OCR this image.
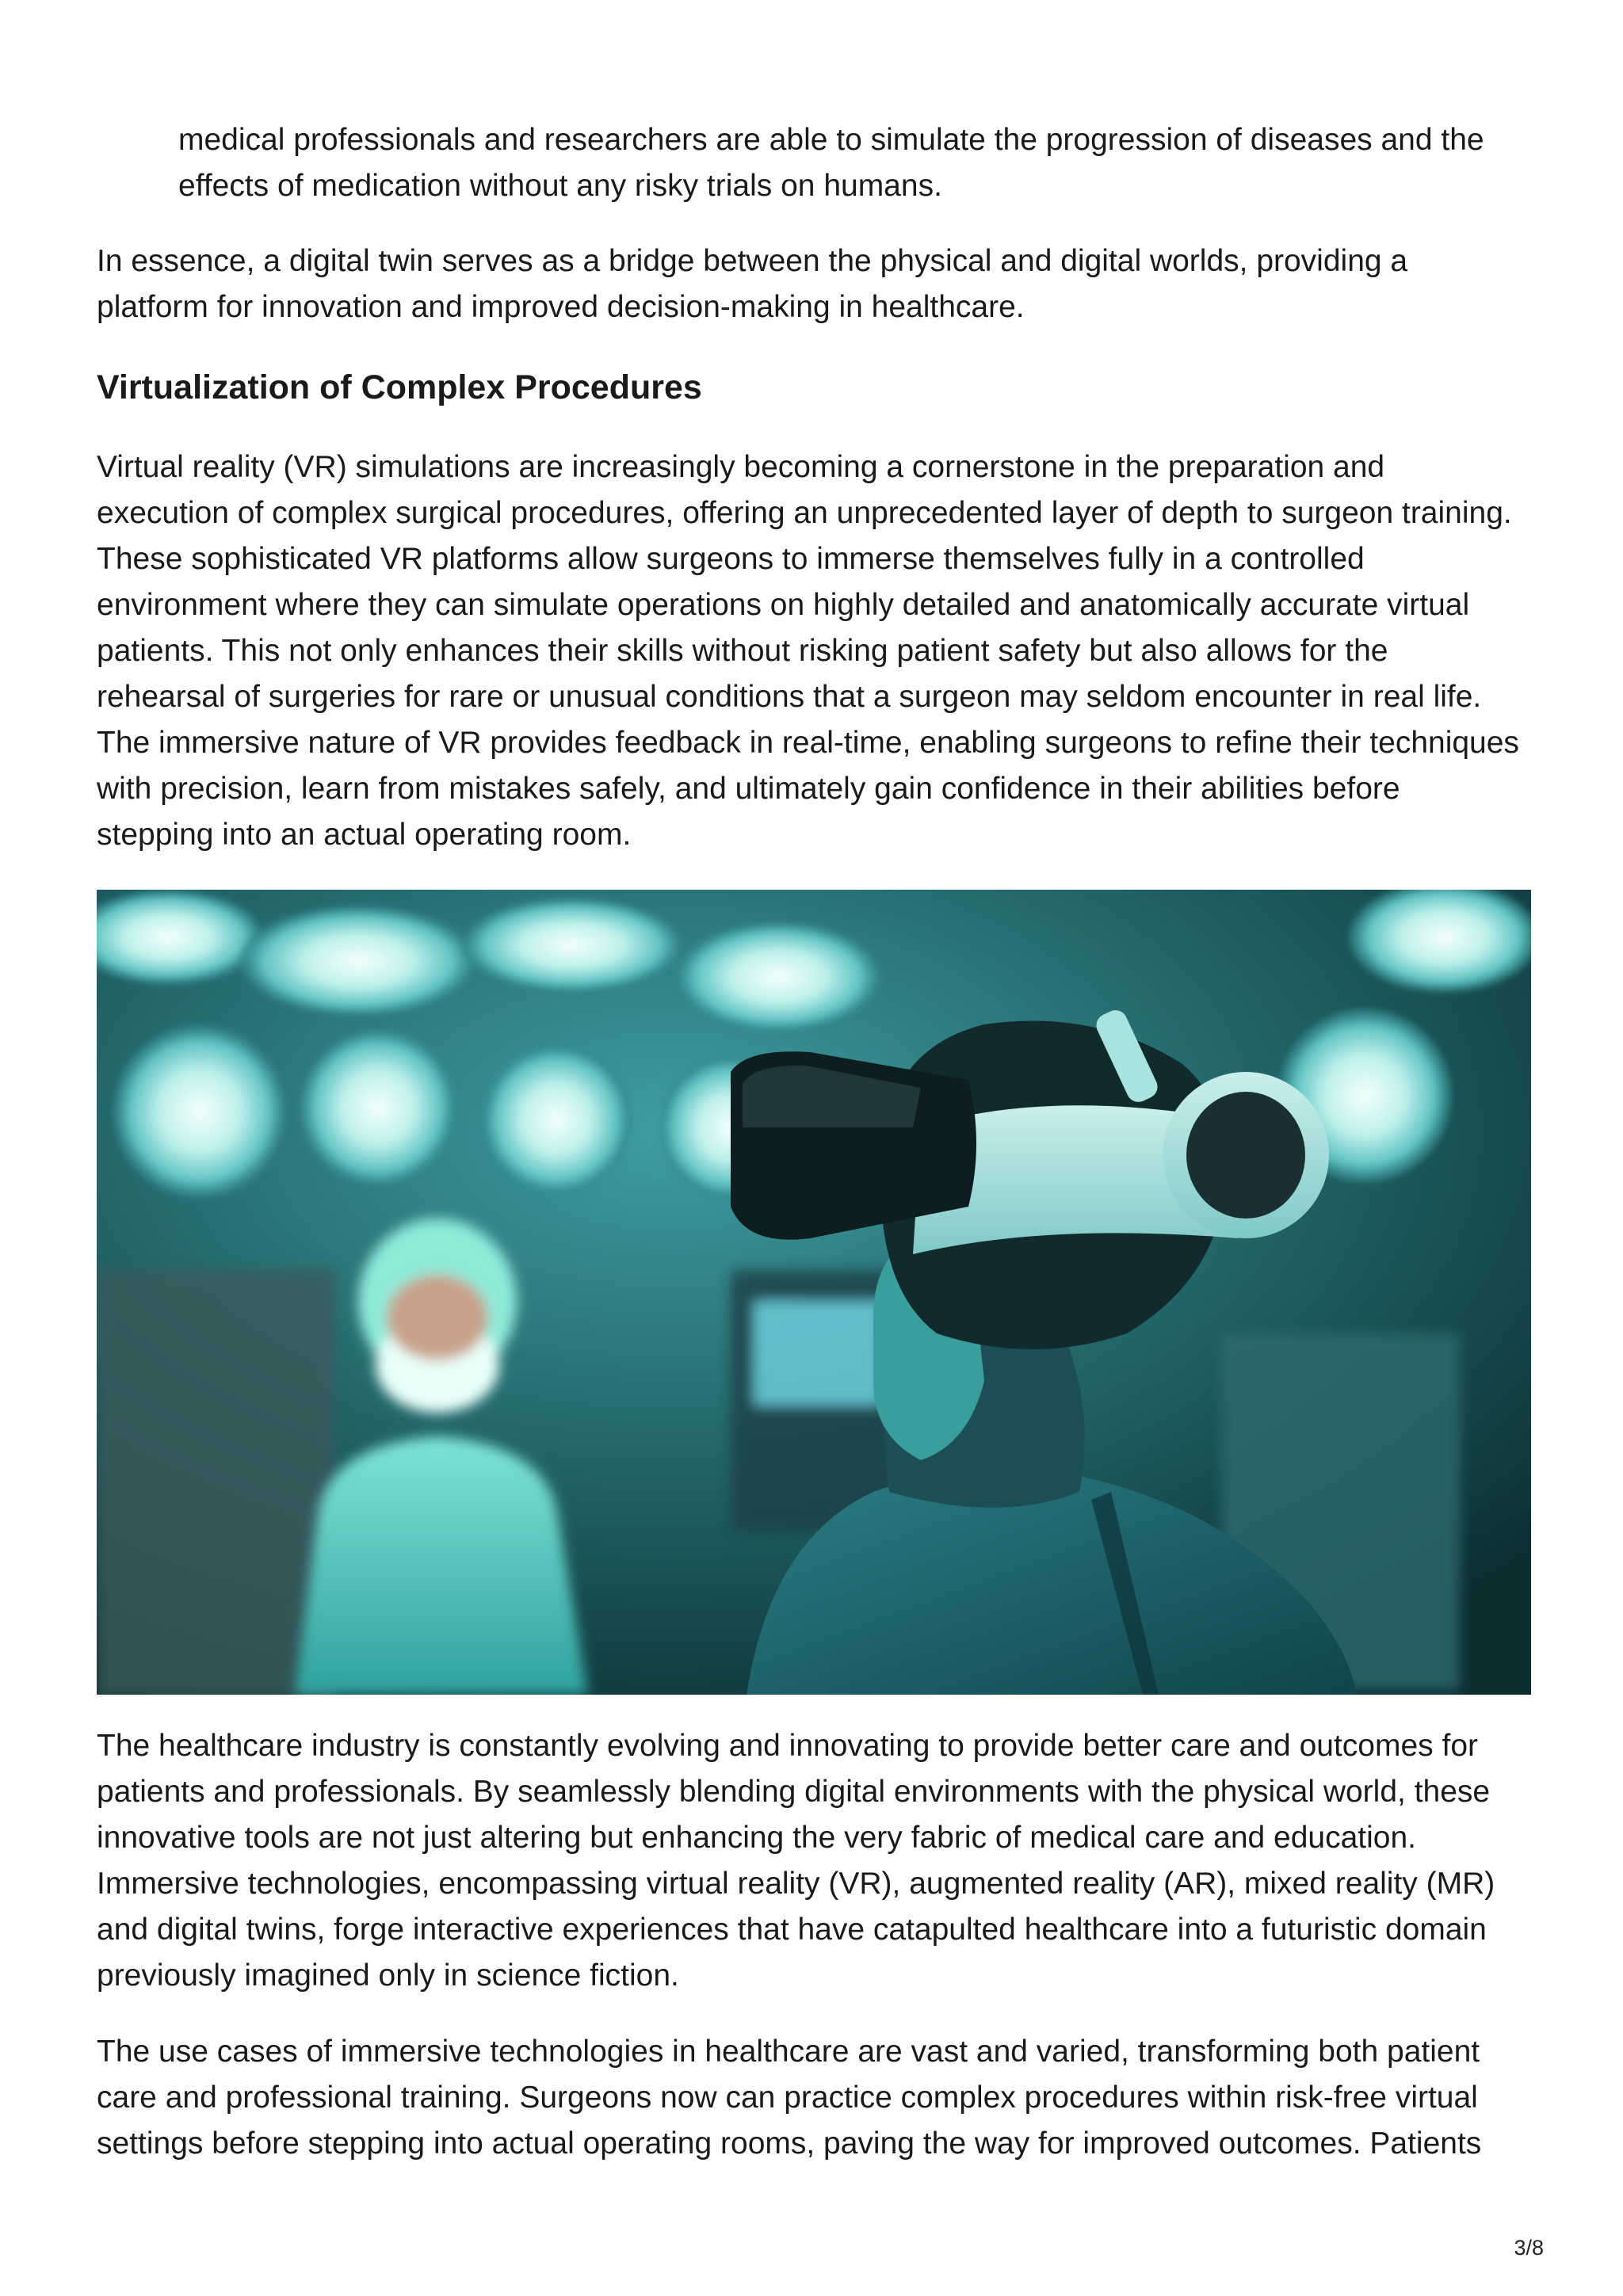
medical professionals and researchers are able to simulate the progression of diseases and the effects of medication without any risky trials on humans.

In essence, a digital twin serves as a bridge between the physical and digital worlds, providing a platform for innovation and improved decision-making in healthcare.

Virtualization of Complex Procedures

Virtual reality (VR) simulations are increasingly becoming a cornerstone in the preparation and execution of complex surgical procedures, offering an unprecedented layer of depth to surgeon training. These sophisticated VR platforms allow surgeons to immerse themselves fully in a controlled environment where they can simulate operations on highly detailed and anatomically accurate virtual patients. This not only enhances their skills without risking patient safety but also allows for the rehearsal of surgeries for rare or unusual conditions that a surgeon may seldom encounter in real life. The immersive nature of VR provides feedback in real-time, enabling surgeons to refine their techniques with precision, learn from mistakes safely, and ultimately gain confidence in their abilities before stepping into an actual operating room.

The healthcare industry is constantly evolving and innovating to provide better care and outcomes for patients and professionals. By seamlessly blending digital environments with the physical world, these innovative tools are not just altering but enhancing the very fabric of medical care and education. Immersive technologies, encompassing virtual reality (VR), augmented reality (AR), mixed reality (MR) and digital twins, forge interactive experiences that have catapulted healthcare into a futuristic domain previously imagined only in science fiction.

The use cases of immersive technologies in healthcare are vast and varied, transforming both patient care and professional training. Surgeons now can practice complex procedures within risk-free virtual settings before stepping into actual operating rooms, paving the way for improved outcomes. Patients

3/8
